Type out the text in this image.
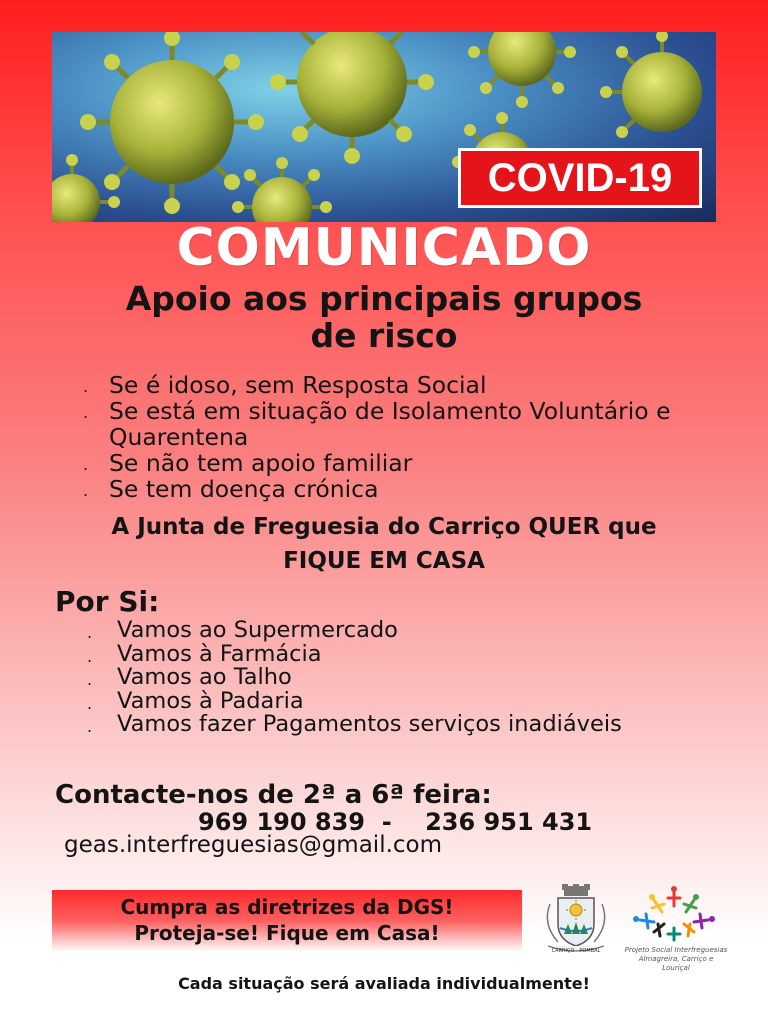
COVID-19
COMUNICADO
Apoio aos principais grupos de risco
. Se é idoso, sem Resposta Social
. Se está em situação de Isolamento Voluntário e Quarentena
. Se não tem apoio familiar
. Se tem doença crónica
A Junta de Freguesia do Carriço QUER que
FIQUE EM CASA
Por Si:
. Vamos ao Supermercado
. Vamos à Farmácia
. Vamos ao Talho
. Vamos à Padaria
. Vamos fazer Pagamentos serviços inadiáveis
Contacte-nos de 2ª a 6ª feira:
969 190 839  -    236 951 431
geas.interfreguesias@gmail.com
Cumpra as diretrizes da DGS!
Proteja-se! Fique em Casa!
CARRIÇO - POMBAL	Projeto Social Interfreguesias
Almagreira, Carriço e Louriçal
Cada situação será avaliada individualmente!
